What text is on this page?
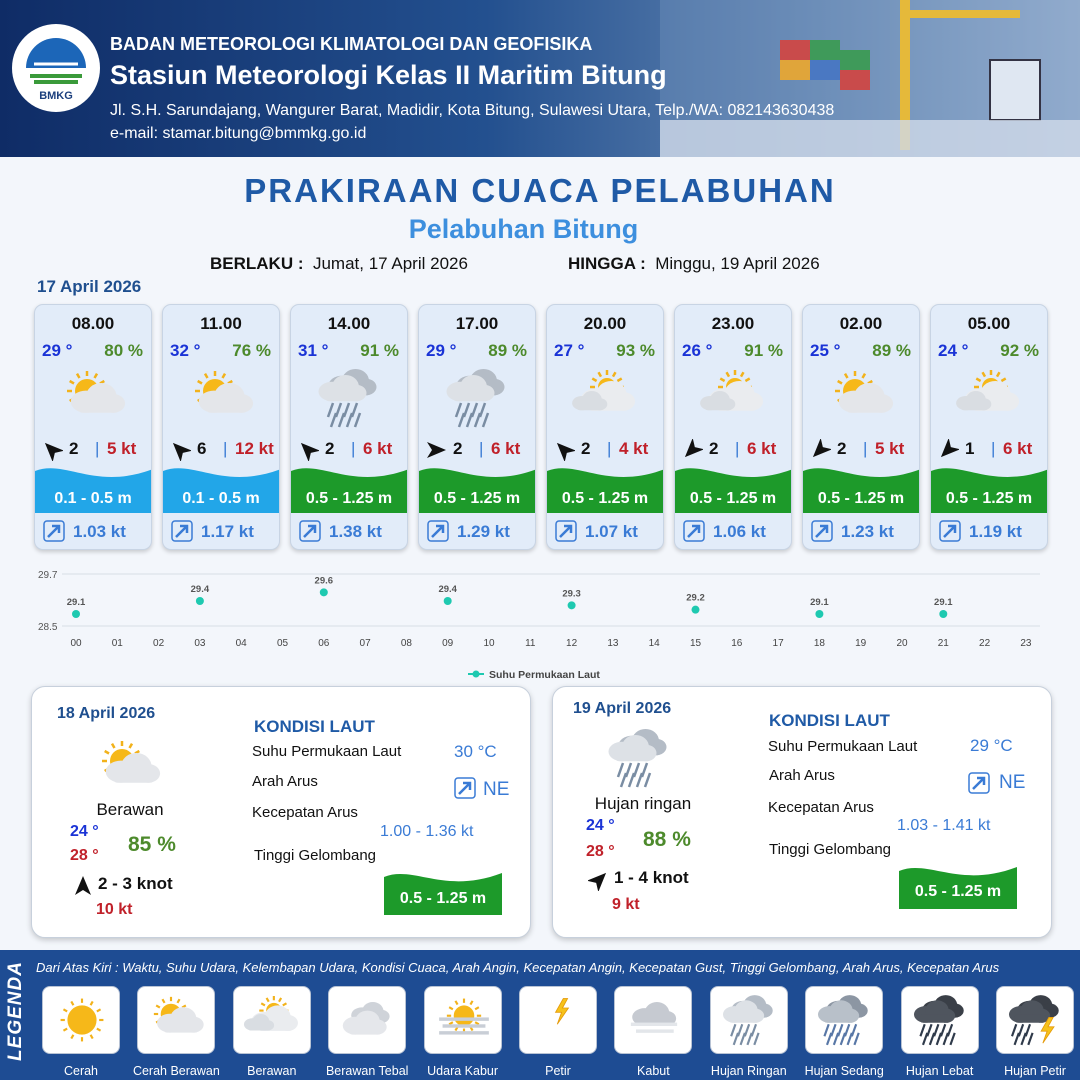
BMKG
BADAN METEOROLOGI KLIMATOLOGI DAN GEOFISIKA
Stasiun Meteorologi Kelas II Maritim Bitung
Jl. S.H. Sarundajang, Wangurer Barat, Madidir, Kota Bitung, Sulawesi Utara, Telp./WA: 082143630438
e-mail: stamar.bitung@bmmkg.go.id
PRAKIRAAN CUACA PELABUHAN
Pelabuhan Bitung
BERLAKU : Jumat, 17 April 2026	HINGGA : Minggu, 19 April 2026
17 April 2026
08.00
29 ° 80 %
2 | 5 kt
0.1 - 0.5 m
1.03 kt
11.00
32 ° 76 %
6 | 12 kt
0.1 - 0.5 m
1.17 kt
14.00
31 ° 91 %
2 | 6 kt
0.5 - 1.25 m
1.38 kt
17.00
29 ° 89 %
2 | 6 kt
0.5 - 1.25 m
1.29 kt
20.00
27 ° 93 %
2 | 4 kt
0.5 - 1.25 m
1.07 kt
23.00
26 ° 91 %
2 | 6 kt
0.5 - 1.25 m
1.06 kt
02.00
25 ° 89 %
2 | 5 kt
0.5 - 1.25 m
1.23 kt
05.00
24 ° 92 %
1 | 6 kt
0.5 - 1.25 m
1.19 kt
29.7
28.5
00	01	02	03	04	05	06	07	08	09	10	11	12	13	14	15	16	17	18	19	20	21	22	23
29.1
29.4
29.6
29.4	29.3	29.2	29.1	29.1
Suhu Permukaan Laut
18 April 2026
Berawan
24 °
28 ° 85 %
2 - 3 knot
10 kt
KONDISI LAUT
Suhu Permukaan Laut	30 °C
Arah Arus	NE
Kecepatan Arus
1.00 - 1.36 kt
Tinggi Gelombang
0.5 - 1.25 m
19 April 2026
Hujan ringan
24 °
28 °
88 %
1 - 4 knot
9 kt
KONDISI LAUT
Suhu Permukaan Laut	29 °C
Arah Arus	NE
Kecepatan Arus
1.03 - 1.41 kt
Tinggi Gelombang
0.5 - 1.25 m
LEGENDA Dari Atas Kiri : Waktu, Suhu Udara, Kelembapan Udara, Kondisi Cuaca, Arah Angin, Kecepatan Angin, Kecepatan Gust, Tinggi Gelombang, Arah Arus, Kecepatan Arus
Cerah	Cerah Berawan	Berawan	Berawan Tebal	Udara Kabur	Petir	Kabut	Hujan Ringan	Hujan Sedang	Hujan Lebat	Hujan Petir
